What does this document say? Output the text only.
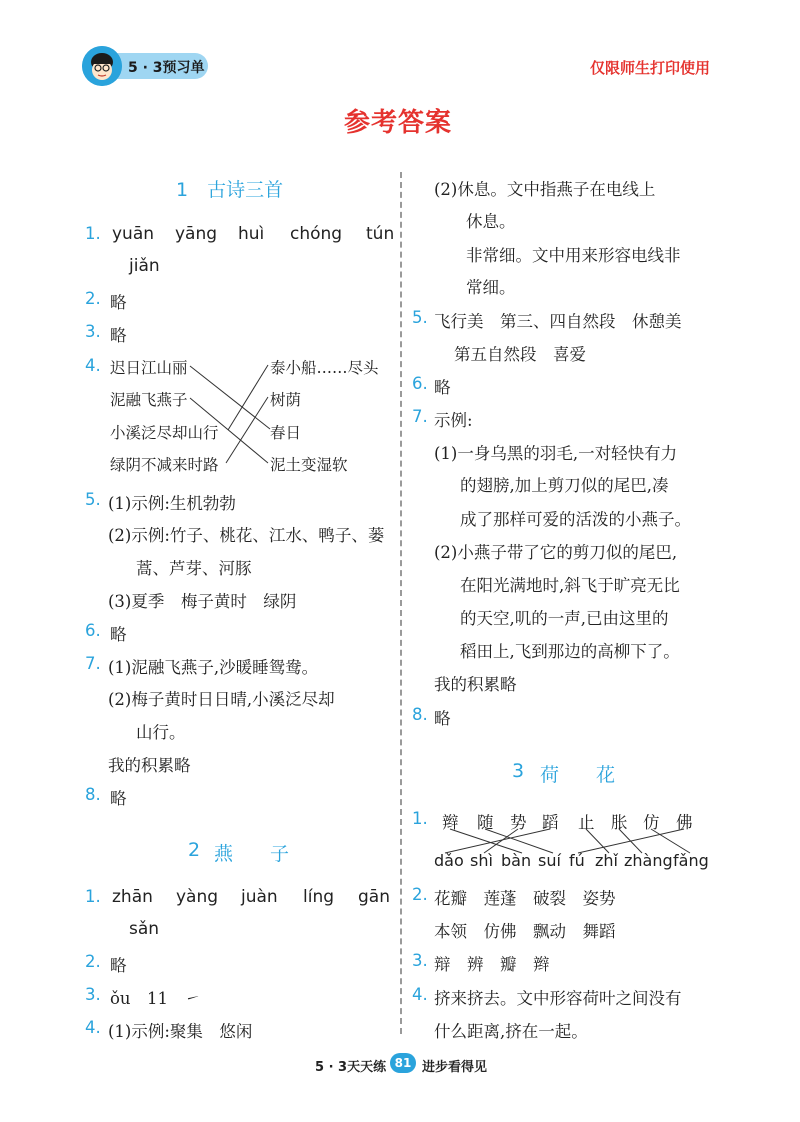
5 · 3预习单	仅限师生打印使用
参考答案
1　古诗三首
1. yuān yāng huì chóng tún
jiǎn
2. 略
3. 略
4. 迟日江山丽
泥融飞燕子
小溪泛尽却山行
绿阴不减来时路
泰小船……尽头
树荫
春日
泥土变湿软
5. (1)示例:生机勃勃
(2)示例:竹子、桃花、江水、鸭子、蒌
蒿、芦芽、河豚
(3)夏季　梅子黄时　绿阴
6. 略
7. (1)泥融飞燕子,沙暖睡鸳鸯。
(2)梅子黄时日日晴,小溪泛尽却
山行。
我的积累略
8. 略
2 燕 子
1. zhān yàng juàn líng gān
sǎn
2. 略
3. ǒu　11　㇀
4. (1)示例:聚集　悠闲
(2)休息。文中指燕子在电线上
休息。
非常细。文中用来形容电线非
常细。
5. 飞行美　第三、四自然段　休憩美
第五自然段　喜爱
6. 略
7. 示例:
(1)一身乌黑的羽毛,一对轻快有力
的翅膀,加上剪刀似的尾巴,凑
成了那样可爱的活泼的小燕子。
(2)小燕子带了它的剪刀似的尾巴,
在阳光满地时,斜飞于旷亮无比
的天空,叽的一声,已由这里的
稻田上,飞到那边的高柳下了。
我的积累略
8. 略
3 荷 花
1. 辫 随 势 蹈 止 胀 仿 佛
dǎo shì bàn suí fú zhǐ zhàng fǎng
2. 花瓣　莲蓬　破裂　姿势
本领　仿佛　飘动　舞蹈
3. 辩　辨　瓣　辫
4. 挤来挤去。文中形容荷叶之间没有
什么距离,挤在一起。
5 · 3天天练 81 进步看得见
